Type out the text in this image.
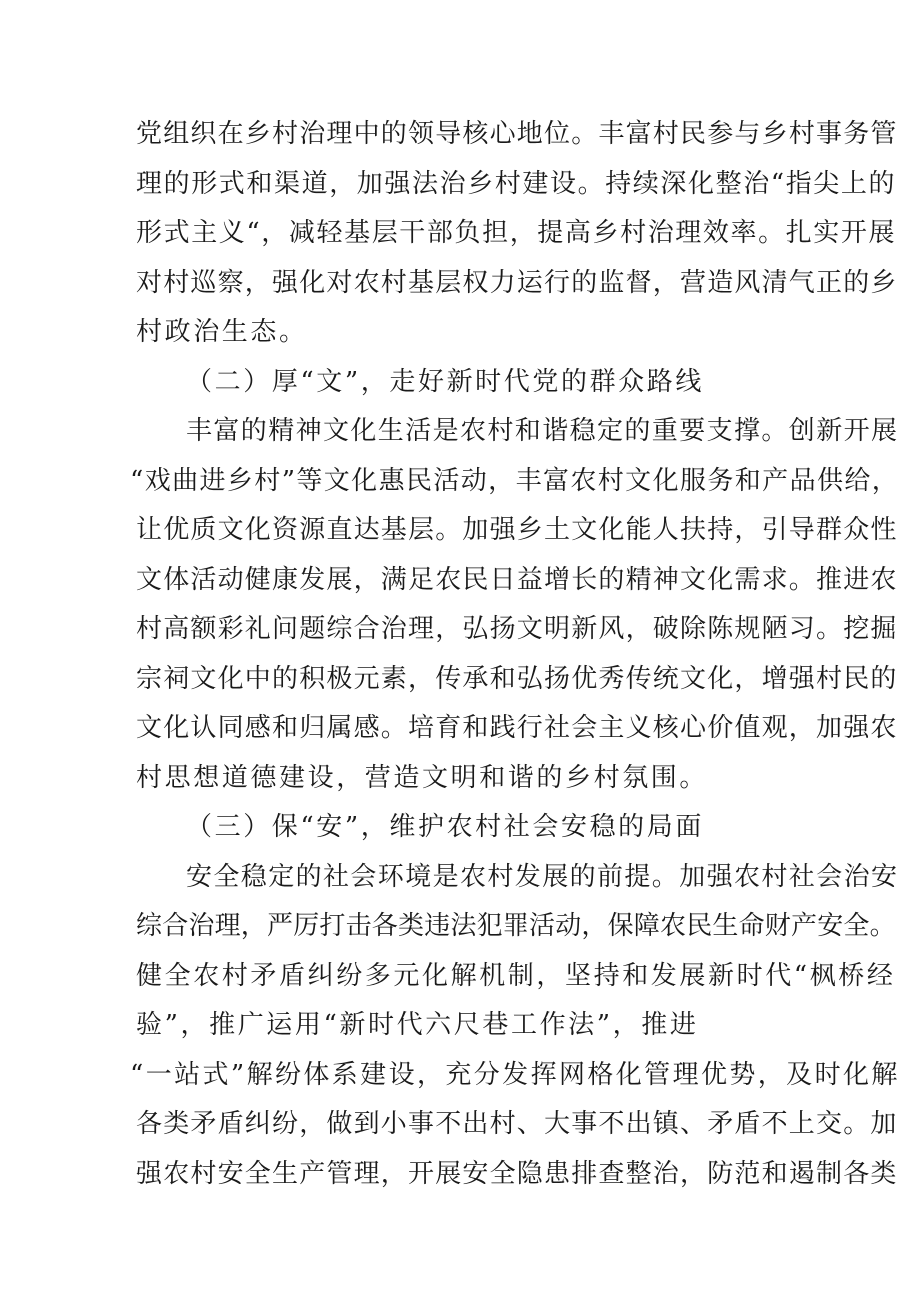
党组织在乡村治理中的领导核心地位。丰富村民参与乡村事务管
理的形式和渠道，加强法治乡村建设。持续深化整治“指尖上的
形式主义“，减轻基层干部负担，提高乡村治理效率。扎实开展
对村巡察，强化对农村基层权力运行的监督，营造风清气正的乡
村政治生态。
（二）厚“文”，走好新时代党的群众路线
丰富的精神文化生活是农村和谐稳定的重要支撑。创新开展
“戏曲进乡村”等文化惠民活动，丰富农村文化服务和产品供给，
让优质文化资源直达基层。加强乡土文化能人扶持，引导群众性
文体活动健康发展，满足农民日益增长的精神文化需求。推进农
村高额彩礼问题综合治理，弘扬文明新风，破除陈规陋习。挖掘
宗祠文化中的积极元素，传承和弘扬优秀传统文化，增强村民的
文化认同感和归属感。培育和践行社会主义核心价值观，加强农
村思想道德建设，营造文明和谐的乡村氛围。
（三）保“安”，维护农村社会安稳的局面
安全稳定的社会环境是农村发展的前提。加强农村社会治安
综合治理，严厉打击各类违法犯罪活动，保障农民生命财产安全。
健全农村矛盾纠纷多元化解机制，坚持和发展新时代“枫桥经
验”，推广运用“新时代六尺巷工作法”，推进
“一站式”解纷体系建设，充分发挥网格化管理优势，及时化解
各类矛盾纠纷，做到小事不出村、大事不出镇、矛盾不上交。加
强农村安全生产管理，开展安全隐患排查整治，防范和遏制各类
